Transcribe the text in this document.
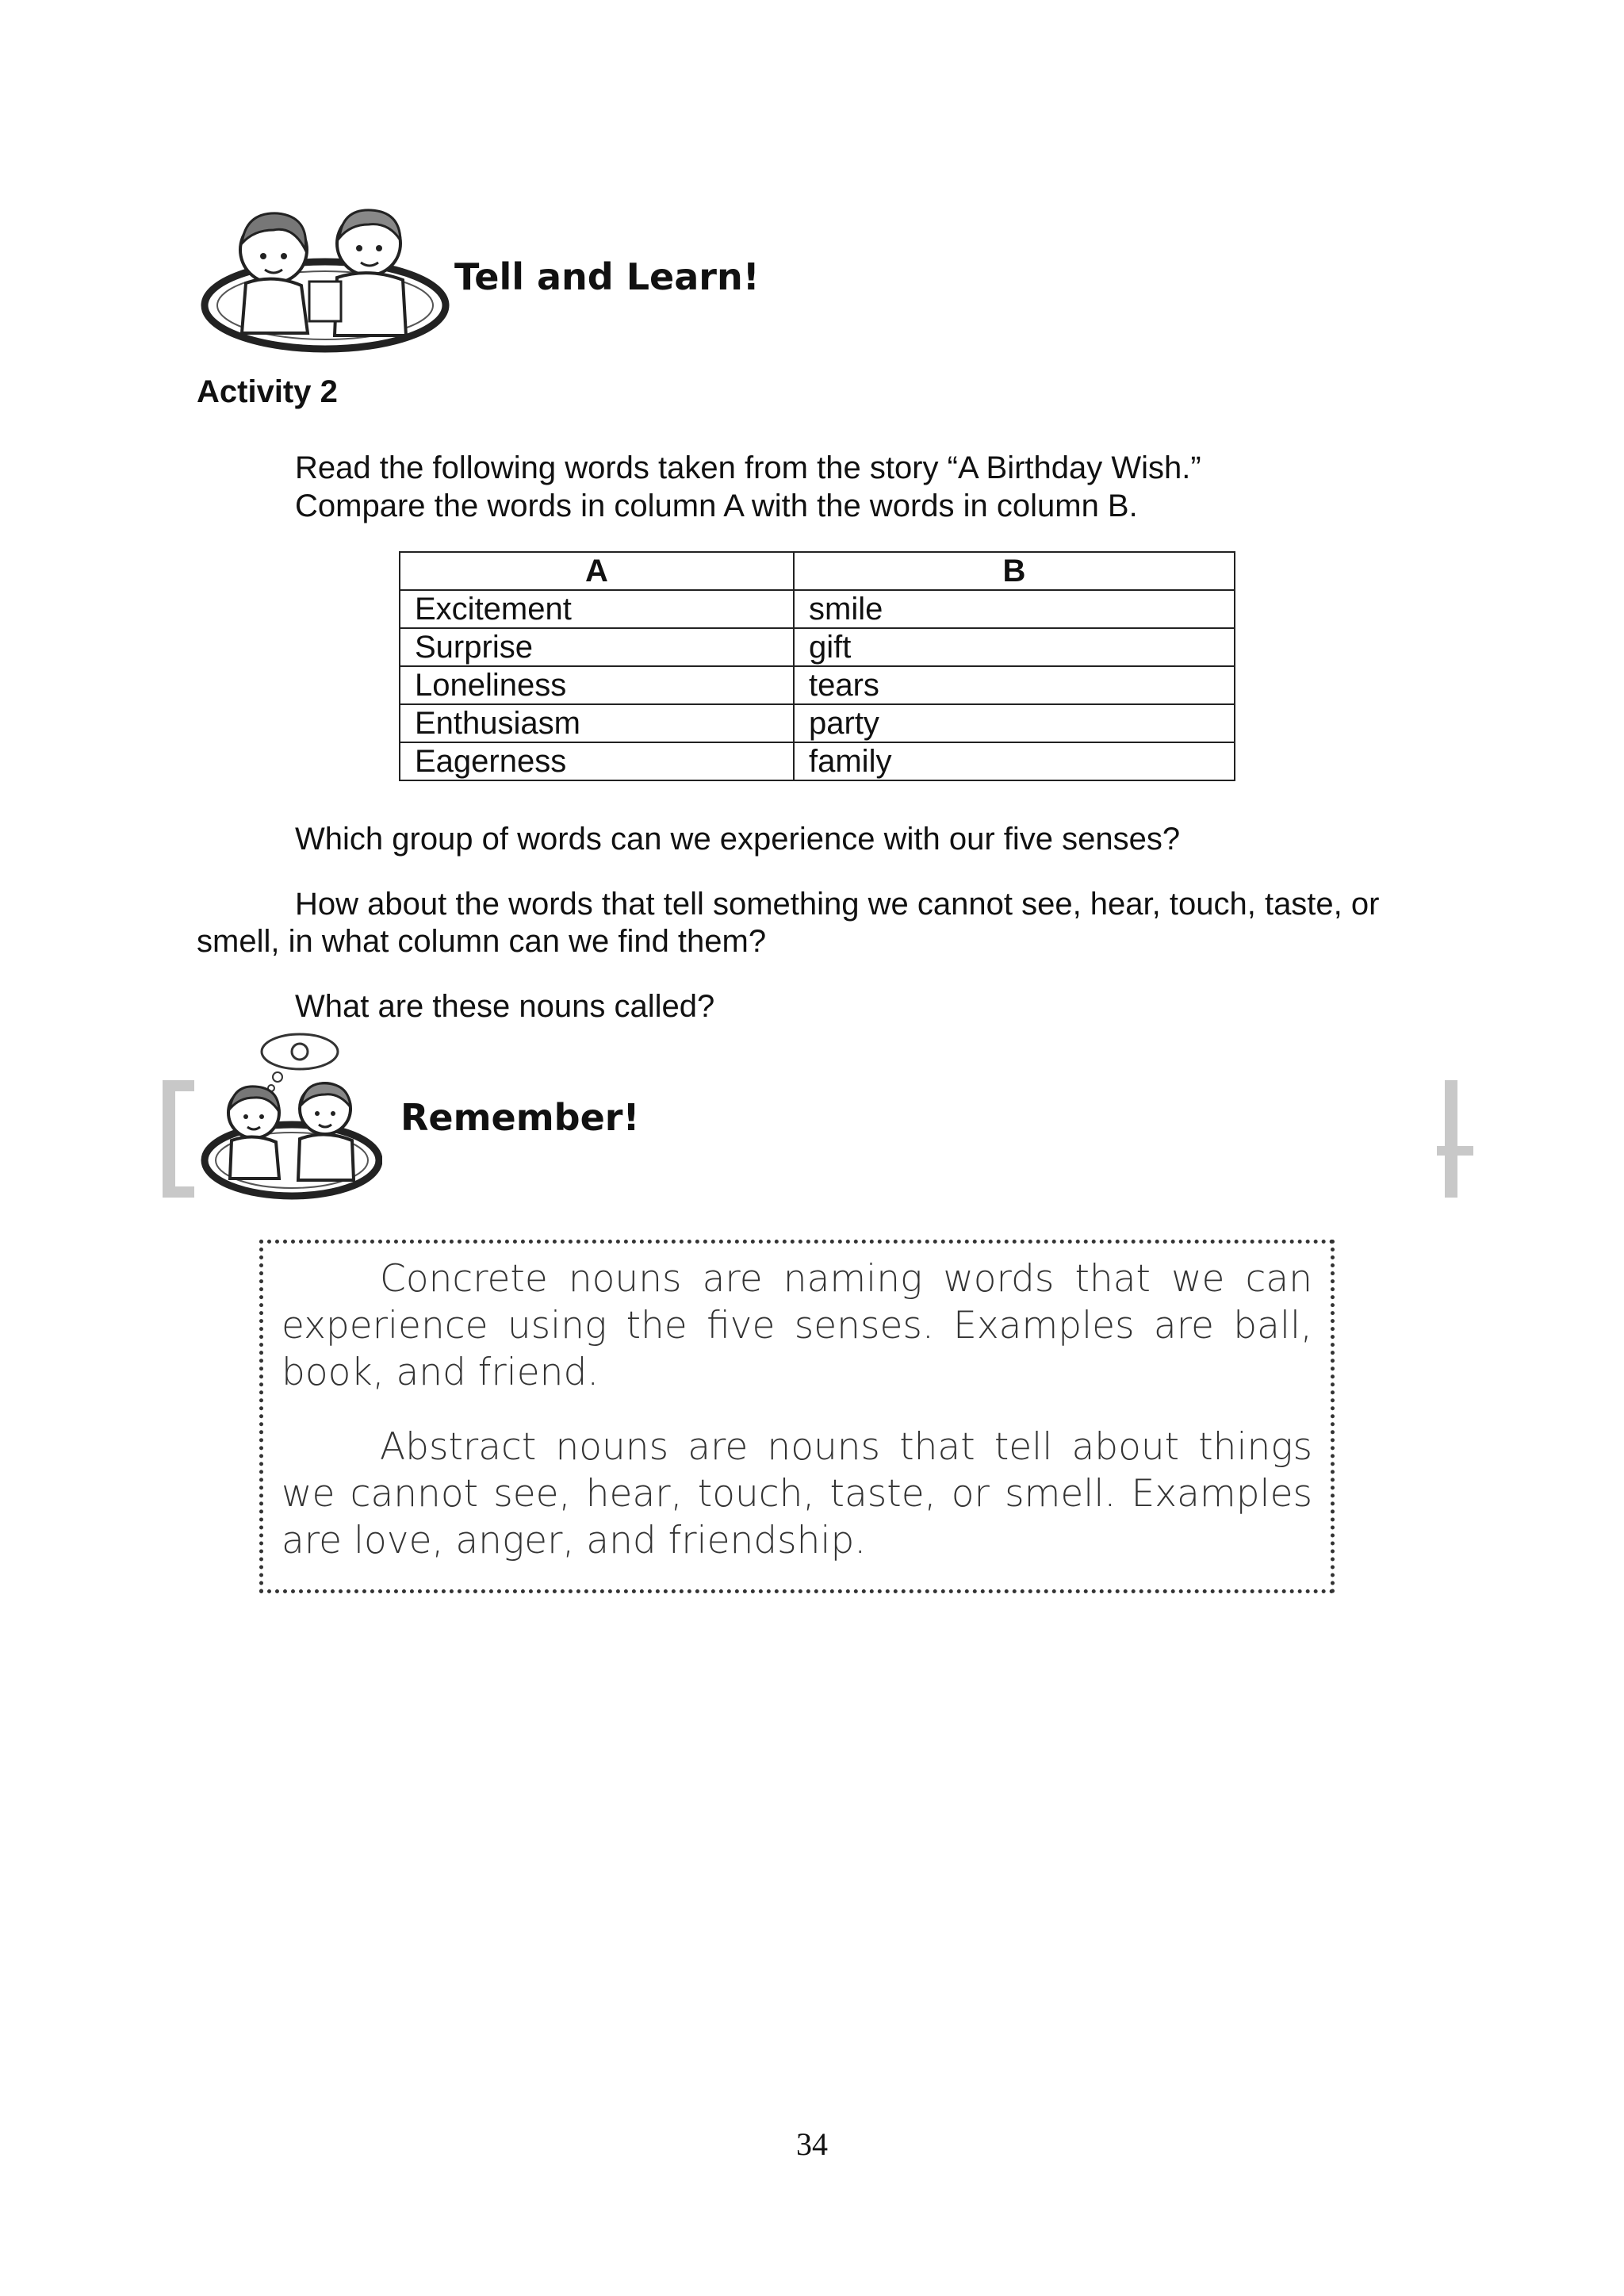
Tell and Learn!
Activity 2
Read the following words taken from the story “A Birthday Wish.”
Compare the words in column A with the words in column B.
A	B
Excitement	smile
Surprise	gift
Loneliness	tears
Enthusiasm	party
Eagerness	family
Which group of words can we experience with our five senses?
How about the words that tell something we cannot see, hear, touch, taste, or
smell, in what column can we find them?
What are these nouns called?
Remember!
Concrete nouns are naming words that we can experience using the five senses. Examples are ball, book, and friend.
Abstract nouns are nouns that tell about things we cannot see, hear, touch, taste, or smell. Examples are love, anger, and friendship.
34
